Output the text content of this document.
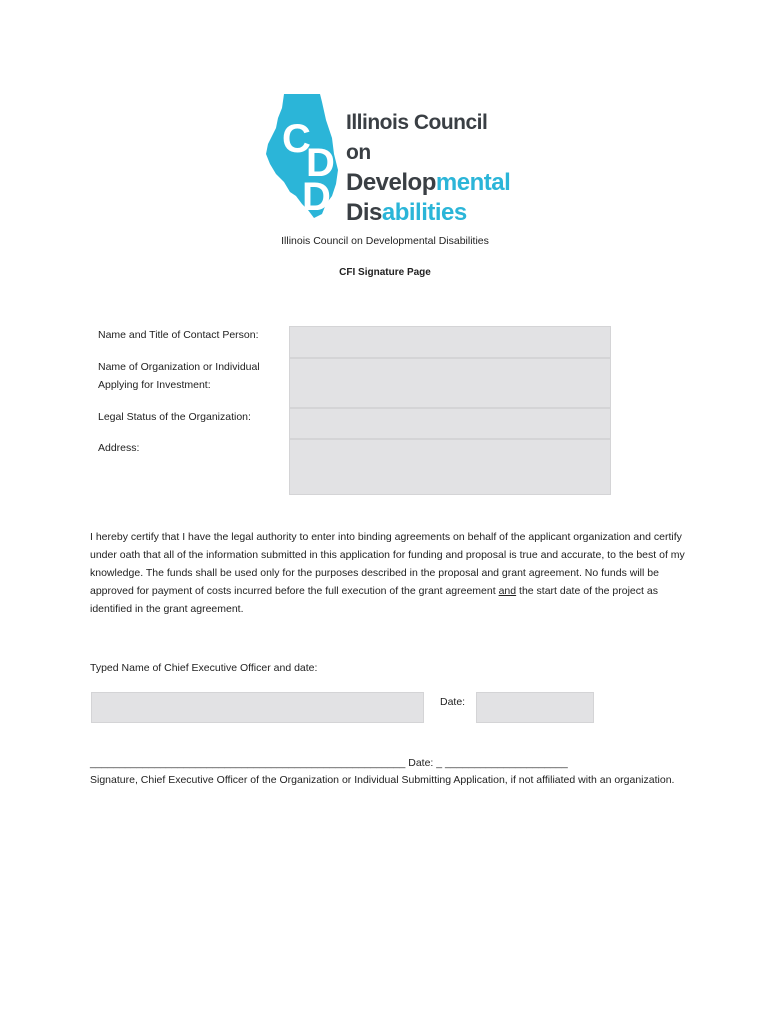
C
D
D
Illinois Council on
Developmental
Disabilities
Illinois Council on Developmental Disabilities
CFI Signature Page
Name and Title of Contact Person:
Name of Organization or Individual
Applying for Investment:
Legal Status of the Organization:
Address:
I hereby certify that I have the legal authority to enter into binding agreements on behalf of the applicant organization and certify under oath that all of the information submitted in this application for funding and proposal is true and accurate, to the best of my knowledge. The funds shall be used only for the purposes described in the proposal and grant agreement. No funds will be approved for payment of costs incurred before the full execution of the grant agreement and the start date of the project as identified in the grant agreement.
Typed Name of Chief Executive Officer and date:
Date:
______________________________________________________ Date: _ _____________________
Signature, Chief Executive Officer of the Organization or Individual Submitting Application, if not affiliated with an organization.
